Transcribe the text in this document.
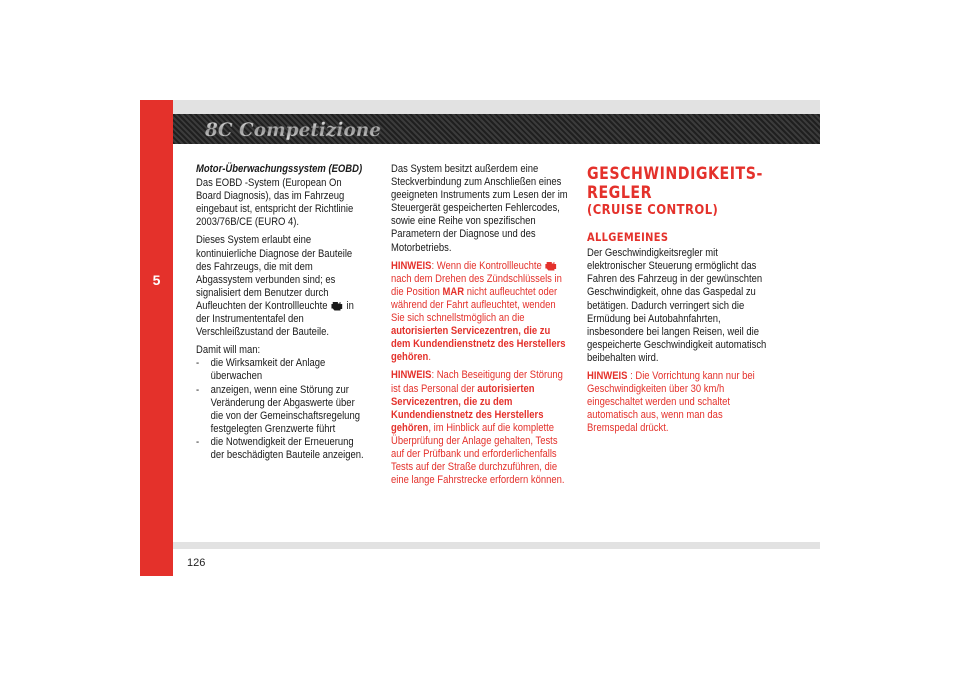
5
8C Competizione
126

Motor-Überwachungssystem (EOBD)

Das EOBD -System (European On Board Diagnosis), das im Fahrzeug eingebaut ist, entspricht der Richtlinie 2003/76B/CE (EURO 4).

Dieses System erlaubt eine kontinuierliche Diagnose der Bauteile des Fahrzeugs, die mit dem Abgassystem verbunden sind; es signalisiert dem Benutzer durch Aufleuchten der Kontrollleuchte in der Instrumententafel den Verschleißzustand der Bauteile.

Damit will man:

- die Wirksamkeit der Anlage überwachen
- anzeigen, wenn eine Störung zur Veränderung der Abgaswerte über die von der Gemeinschaftsregelung festgelegten Grenzwerte führt
- die Notwendigkeit der Erneuerung der beschädigten Bauteile anzeigen.

Das System besitzt außerdem eine Steckverbindung zum Anschließen eines geeigneten Instruments zum Lesen der im Steuergerät gespeicherten Fehlercodes, sowie eine Reihe von spezifischen Parametern der Diagnose und des Motorbetriebs.

HINWEIS: Wenn die Kontrollleuchte  nach dem Drehen des Zündschlüssels in die Position MAR nicht aufleuchtet oder während der Fahrt aufleuchtet, wenden Sie sich schnellstmöglich an die autorisierten Servicezentren, die zu dem Kundendienstnetz des Herstellers gehören.

HINWEIS: Nach Beseitigung der Störung ist das Personal der autorisierten Servicezentren, die zu dem Kundendienstnetz des Herstellers gehören, im Hinblick auf die komplette Überprüfung der Anlage gehalten, Tests auf der Prüfbank und erforderlichenfalls Tests auf der Straße durchzuführen, die eine lange Fahrstrecke erfordern können.

GESCHWINDIGKEITS-
REGLER
(CRUISE CONTROL)
ALLGEMEINES

Der Geschwindigkeitsregler mit elektronischer Steuerung ermöglicht das Fahren des Fahrzeug in der gewünschten Geschwindigkeit, ohne das Gaspedal zu betätigen. Dadurch verringert sich die Ermüdung bei Autobahnfahrten, insbesondere bei langen Reisen, weil die gespeicherte Geschwindigkeit automatisch beibehalten wird.

HINWEIS : Die Vorrichtung kann nur bei Geschwindigkeiten über 30 km/h eingeschaltet werden und schaltet automatisch aus, wenn man das Bremspedal drückt.
